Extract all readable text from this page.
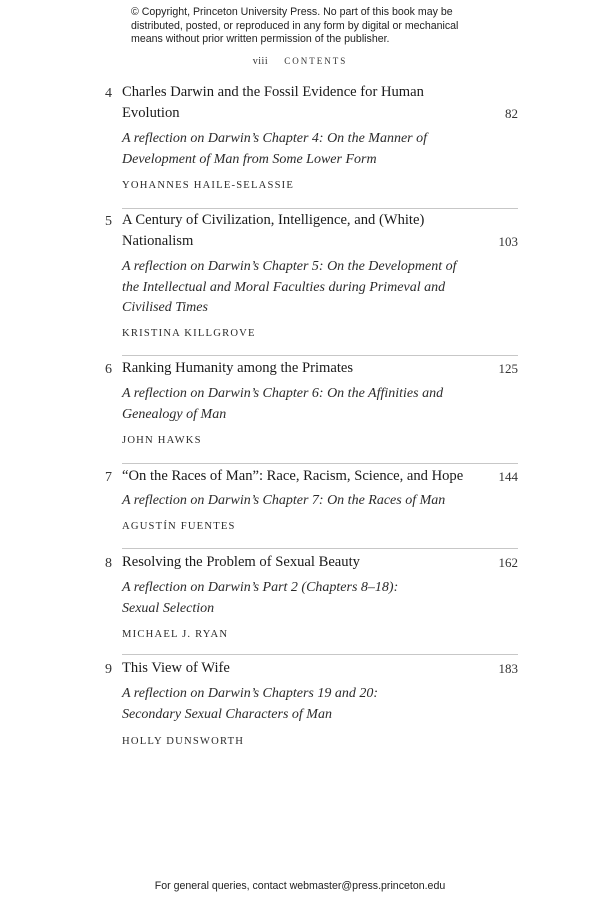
© Copyright, Princeton University Press. No part of this book may be distributed, posted, or reproduced in any form by digital or mechanical means without prior written permission of the publisher.
viii CONTENTS
4 Charles Darwin and the Fossil Evidence for Human Evolution	82
A reflection on Darwin’s Chapter 4: On the Manner of Development of Man from Some Lower Form
YOHANNES HAILE-SELASSIE
5 A Century of Civilization, Intelligence, and (White) Nationalism	103
A reflection on Darwin’s Chapter 5: On the Development of the Intellectual and Moral Faculties during Primeval and Civilised Times
KRISTINA KILLGROVE
6 Ranking Humanity among the Primates	125
A reflection on Darwin’s Chapter 6: On the Affinities and Genealogy of Man
JOHN HAWKS
7 “On the Races of Man”: Race, Racism, Science, and Hope	144
A reflection on Darwin’s Chapter 7: On the Races of Man
AGUSTÍN FUENTES
8 Resolving the Problem of Sexual Beauty	162
A reflection on Darwin’s Part 2 (Chapters 8–18): Sexual Selection
MICHAEL J. RYAN
9 This View of Wife	183
A reflection on Darwin’s Chapters 19 and 20: Secondary Sexual Characters of Man
HOLLY DUNSWORTH
For general queries, contact webmaster@press.princeton.edu
